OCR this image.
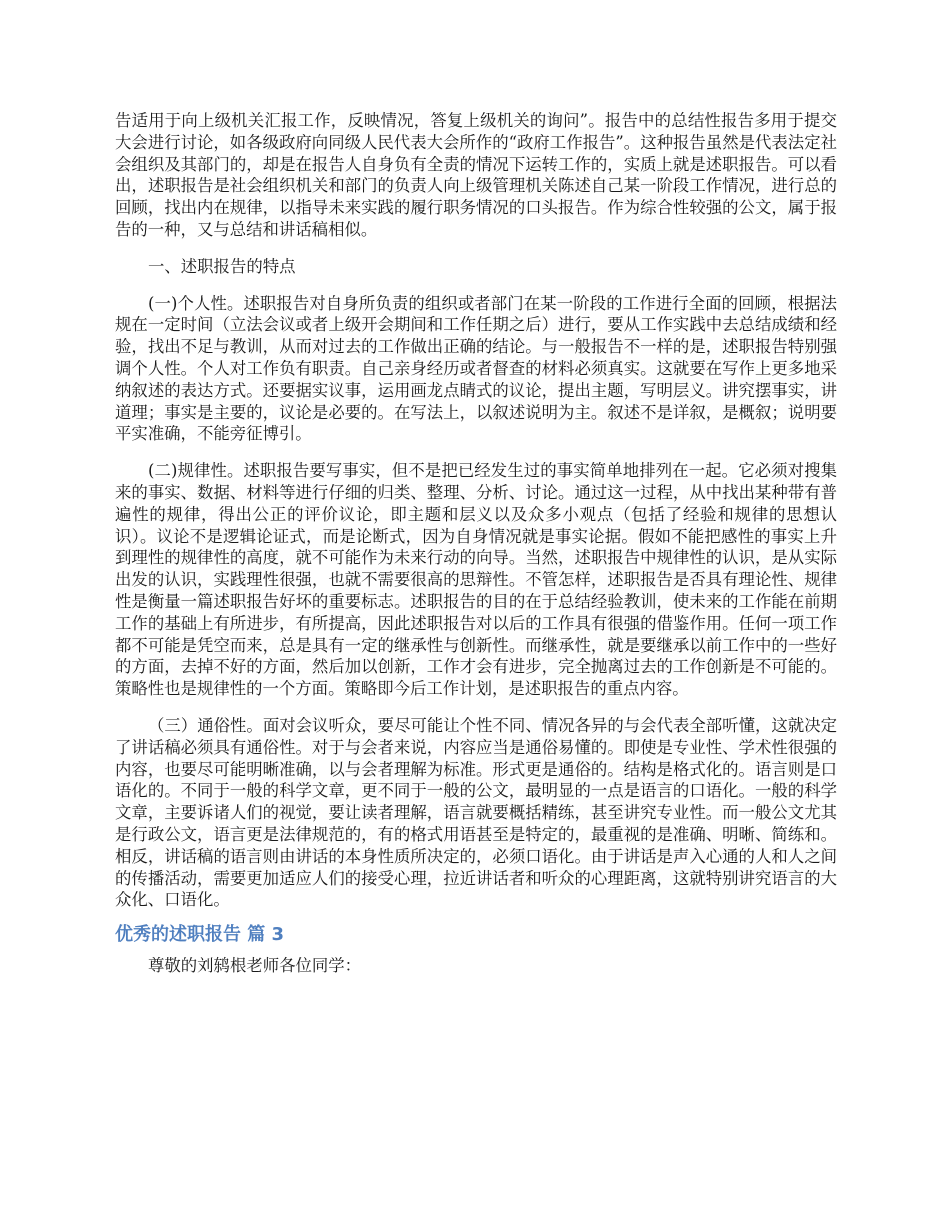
告适用于向上级机关汇报工作，反映情况，答复上级机关的询问”。报告中的总结性报告多用于提交大会进行讨论，如各级政府向同级人民代表大会所作的“政府工作报告”。这种报告虽然是代表法定社会组织及其部门的，却是在报告人自身负有全责的情况下运转工作的，实质上就是述职报告。可以看出，述职报告是社会组织机关和部门的负责人向上级管理机关陈述自己某一阶段工作情况，进行总的回顾，找出内在规律，以指导未来实践的履行职务情况的口头报告。作为综合性较强的公文，属于报告的一种，又与总结和讲话稿相似。

一、述职报告的特点

(一)个人性。述职报告对自身所负责的组织或者部门在某一阶段的工作进行全面的回顾，根据法规在一定时间（立法会议或者上级开会期间和工作任期之后）进行，要从工作实践中去总结成绩和经验，找出不足与教训，从而对过去的工作做出正确的结论。与一般报告不一样的是，述职报告特别强调个人性。个人对工作负有职责。自己亲身经历或者督查的材料必须真实。这就要在写作上更多地采纳叙述的表达方式。还要据实议事，运用画龙点睛式的议论，提出主题，写明层义。讲究摆事实，讲道理；事实是主要的，议论是必要的。在写法上，以叙述说明为主。叙述不是详叙，是概叙；说明要平实准确，不能旁征博引。

(二)规律性。述职报告要写事实，但不是把已经发生过的事实简单地排列在一起。它必须对搜集来的事实、数据、材料等进行仔细的归类、整理、分析、讨论。通过这一过程，从中找出某种带有普遍性的规律，得出公正的评价议论，即主题和层义以及众多小观点（包括了经验和规律的思想认识）。议论不是逻辑论证式，而是论断式，因为自身情况就是事实论据。假如不能把感性的事实上升到理性的规律性的高度，就不可能作为未来行动的向导。当然，述职报告中规律性的认识，是从实际出发的认识，实践理性很强，也就不需要很高的思辩性。不管怎样，述职报告是否具有理论性、规律性是衡量一篇述职报告好坏的重要标志。述职报告的目的在于总结经验教训，使未来的工作能在前期工作的基础上有所进步，有所提高，因此述职报告对以后的工作具有很强的借鉴作用。任何一项工作都不可能是凭空而来，总是具有一定的继承性与创新性。而继承性，就是要继承以前工作中的一些好的方面，去掉不好的方面，然后加以创新，工作才会有进步，完全抛离过去的工作创新是不可能的。策略性也是规律性的一个方面。策略即今后工作计划，是述职报告的重点内容。

（三）通俗性。面对会议听众，要尽可能让个性不同、情况各异的与会代表全部听懂，这就决定了讲话稿必须具有通俗性。对于与会者来说，内容应当是通俗易懂的。即使是专业性、学术性很强的内容，也要尽可能明晰准确，以与会者理解为标准。形式更是通俗的。结构是格式化的。语言则是口语化的。不同于一般的科学文章，更不同于一般的公文，最明显的一点是语言的口语化。一般的科学文章，主要诉诸人们的视觉，要让读者理解，语言就要概括精练，甚至讲究专业性。而一般公文尤其是行政公文，语言更是法律规范的，有的格式用语甚至是特定的，最重视的是准确、明晰、简练和。相反，讲话稿的语言则由讲话的本身性质所决定的，必须口语化。由于讲话是声入心通的人和人之间的传播活动，需要更加适应人们的接受心理，拉近讲话者和听众的心理距离，这就特别讲究语言的大众化、口语化。

优秀的述职报告 篇 3

尊敬的刘鸫根老师各位同学：
